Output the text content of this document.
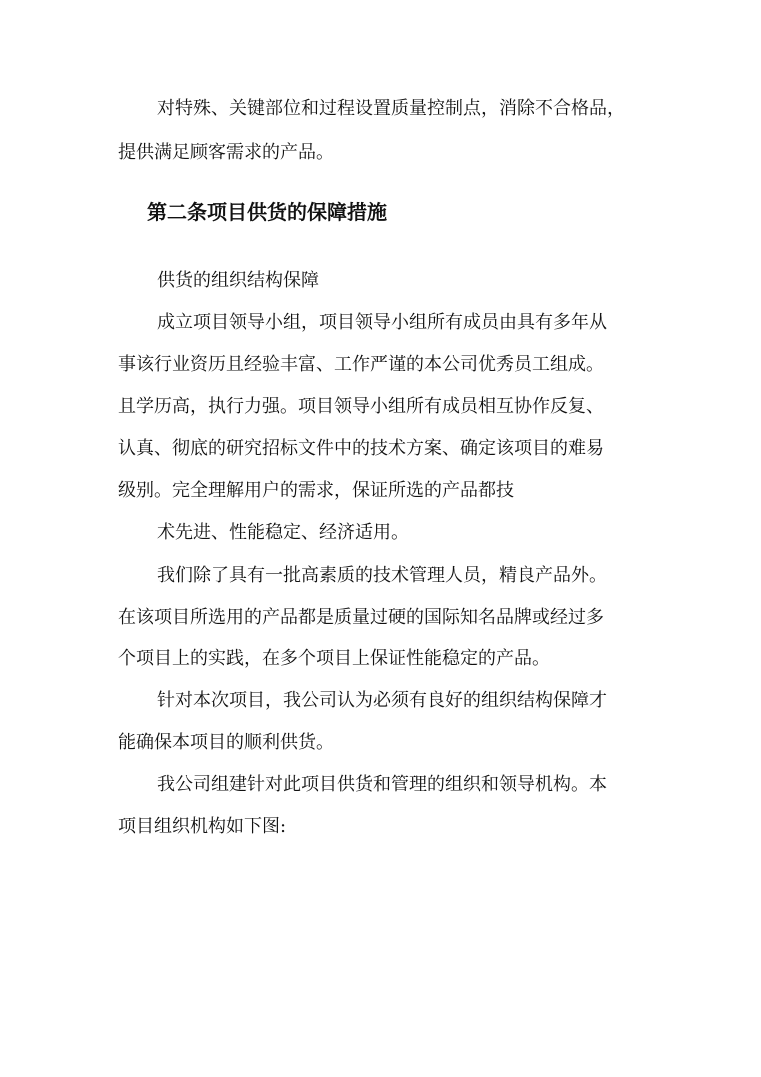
对特殊、关键部位和过程设置质量控制点，消除不合格品，
提供满足顾客需求的产品。
第二条项目供货的保障措施
供货的组织结构保障
成立项目领导小组，项目领导小组所有成员由具有多年从
事该行业资历且经验丰富、工作严谨的本公司优秀员工组成。
且学历高，执行力强。项目领导小组所有成员相互协作反复、
认真、彻底的研究招标文件中的技术方案、确定该项目的难易
级别。完全理解用户的需求，保证所选的产品都技
术先进、性能稳定、经济适用。
我们除了具有一批高素质的技术管理人员，精良产品外。
在该项目所选用的产品都是质量过硬的国际知名品牌或经过多
个项目上的实践，在多个项目上保证性能稳定的产品。
针对本次项目，我公司认为必须有良好的组织结构保障才
能确保本项目的顺利供货。
我公司组建针对此项目供货和管理的组织和领导机构。本
项目组织机构如下图:
